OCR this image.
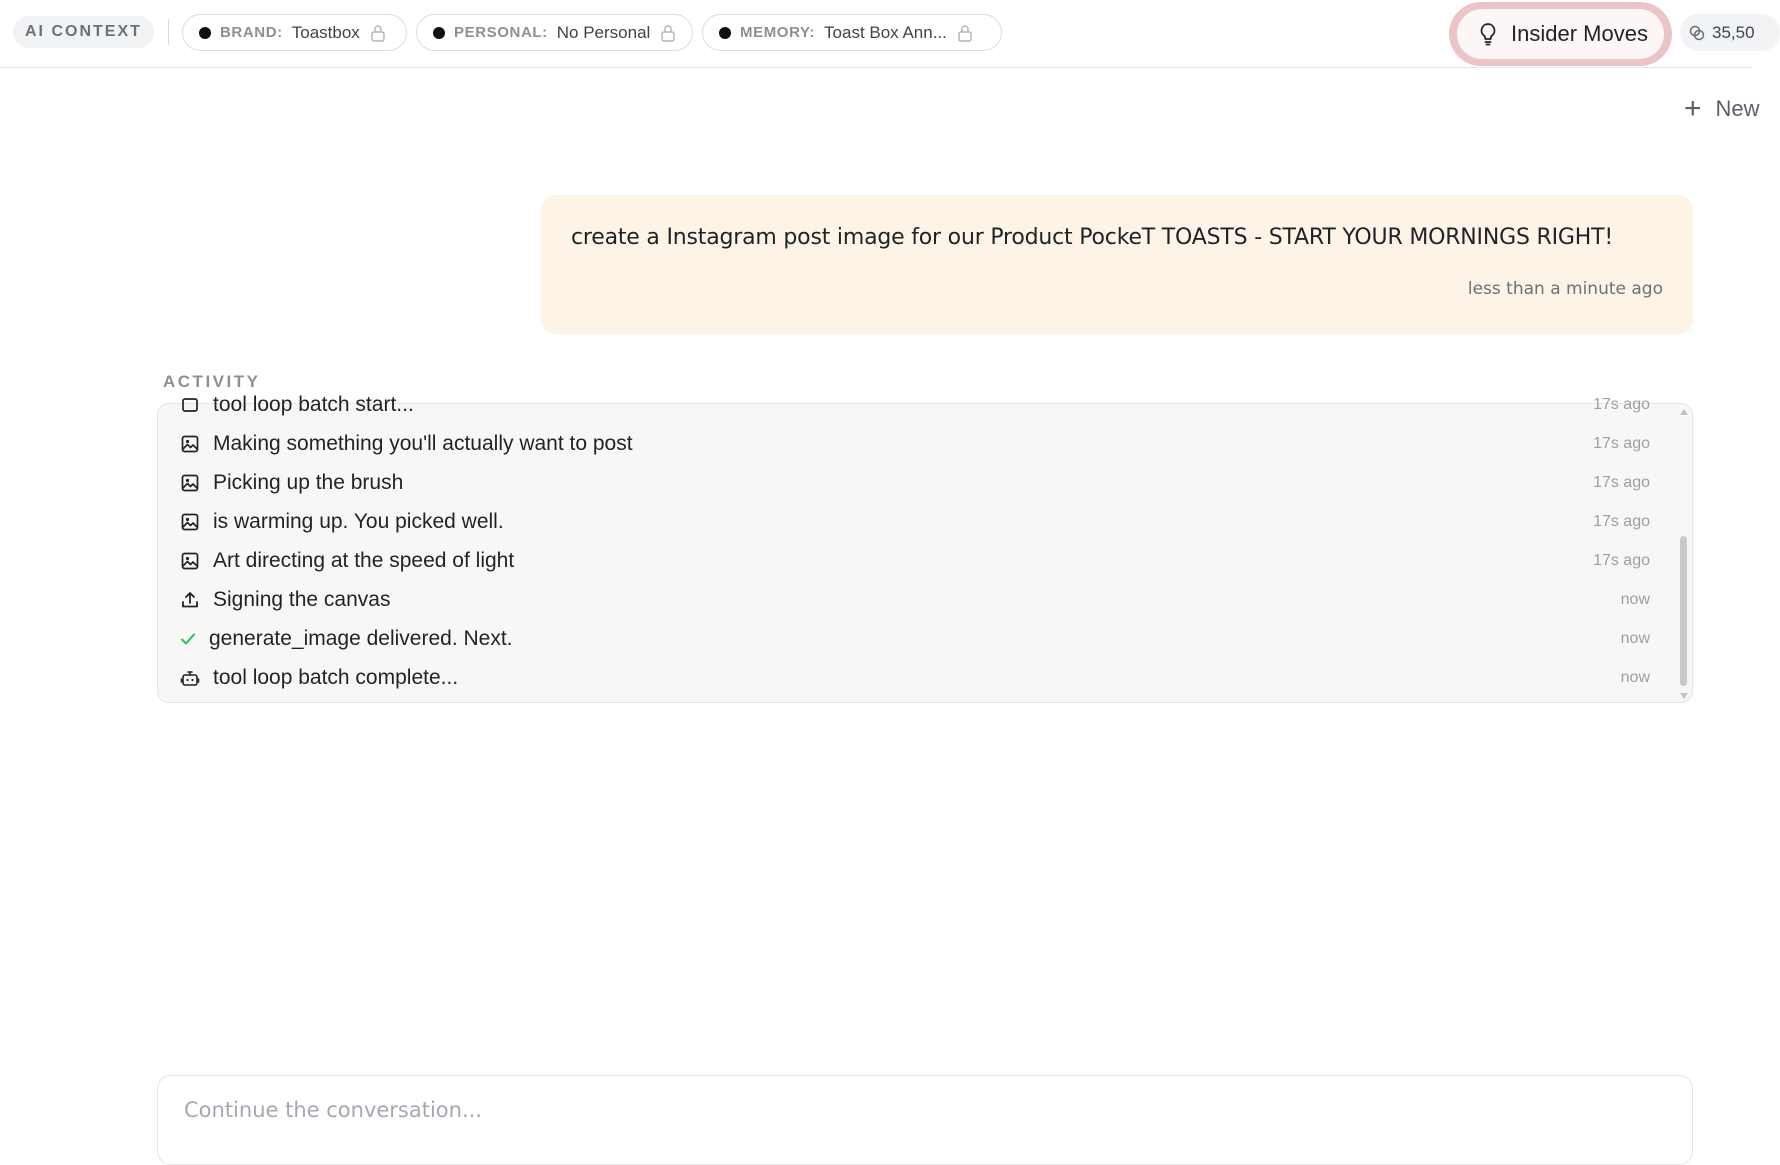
AI CONTEXT	BRAND: Toastbox	PERSONAL: No Personal	MEMORY: Toast Box Ann...	Insider Moves	35,50
+ New
create a Instagram post image for our Product PockeT TOASTS - START YOUR MORNINGS RIGHT!
less than a minute ago
ACTIVITY
tool loop batch start...	17s ago
Making something you'll actually want to post	17s ago
Picking up the brush	17s ago
is warming up. You picked well.	17s ago
Art directing at the speed of light	17s ago
Signing the canvas	now
generate_image delivered. Next.	now
tool loop batch complete...	now
Continue the conversation...
